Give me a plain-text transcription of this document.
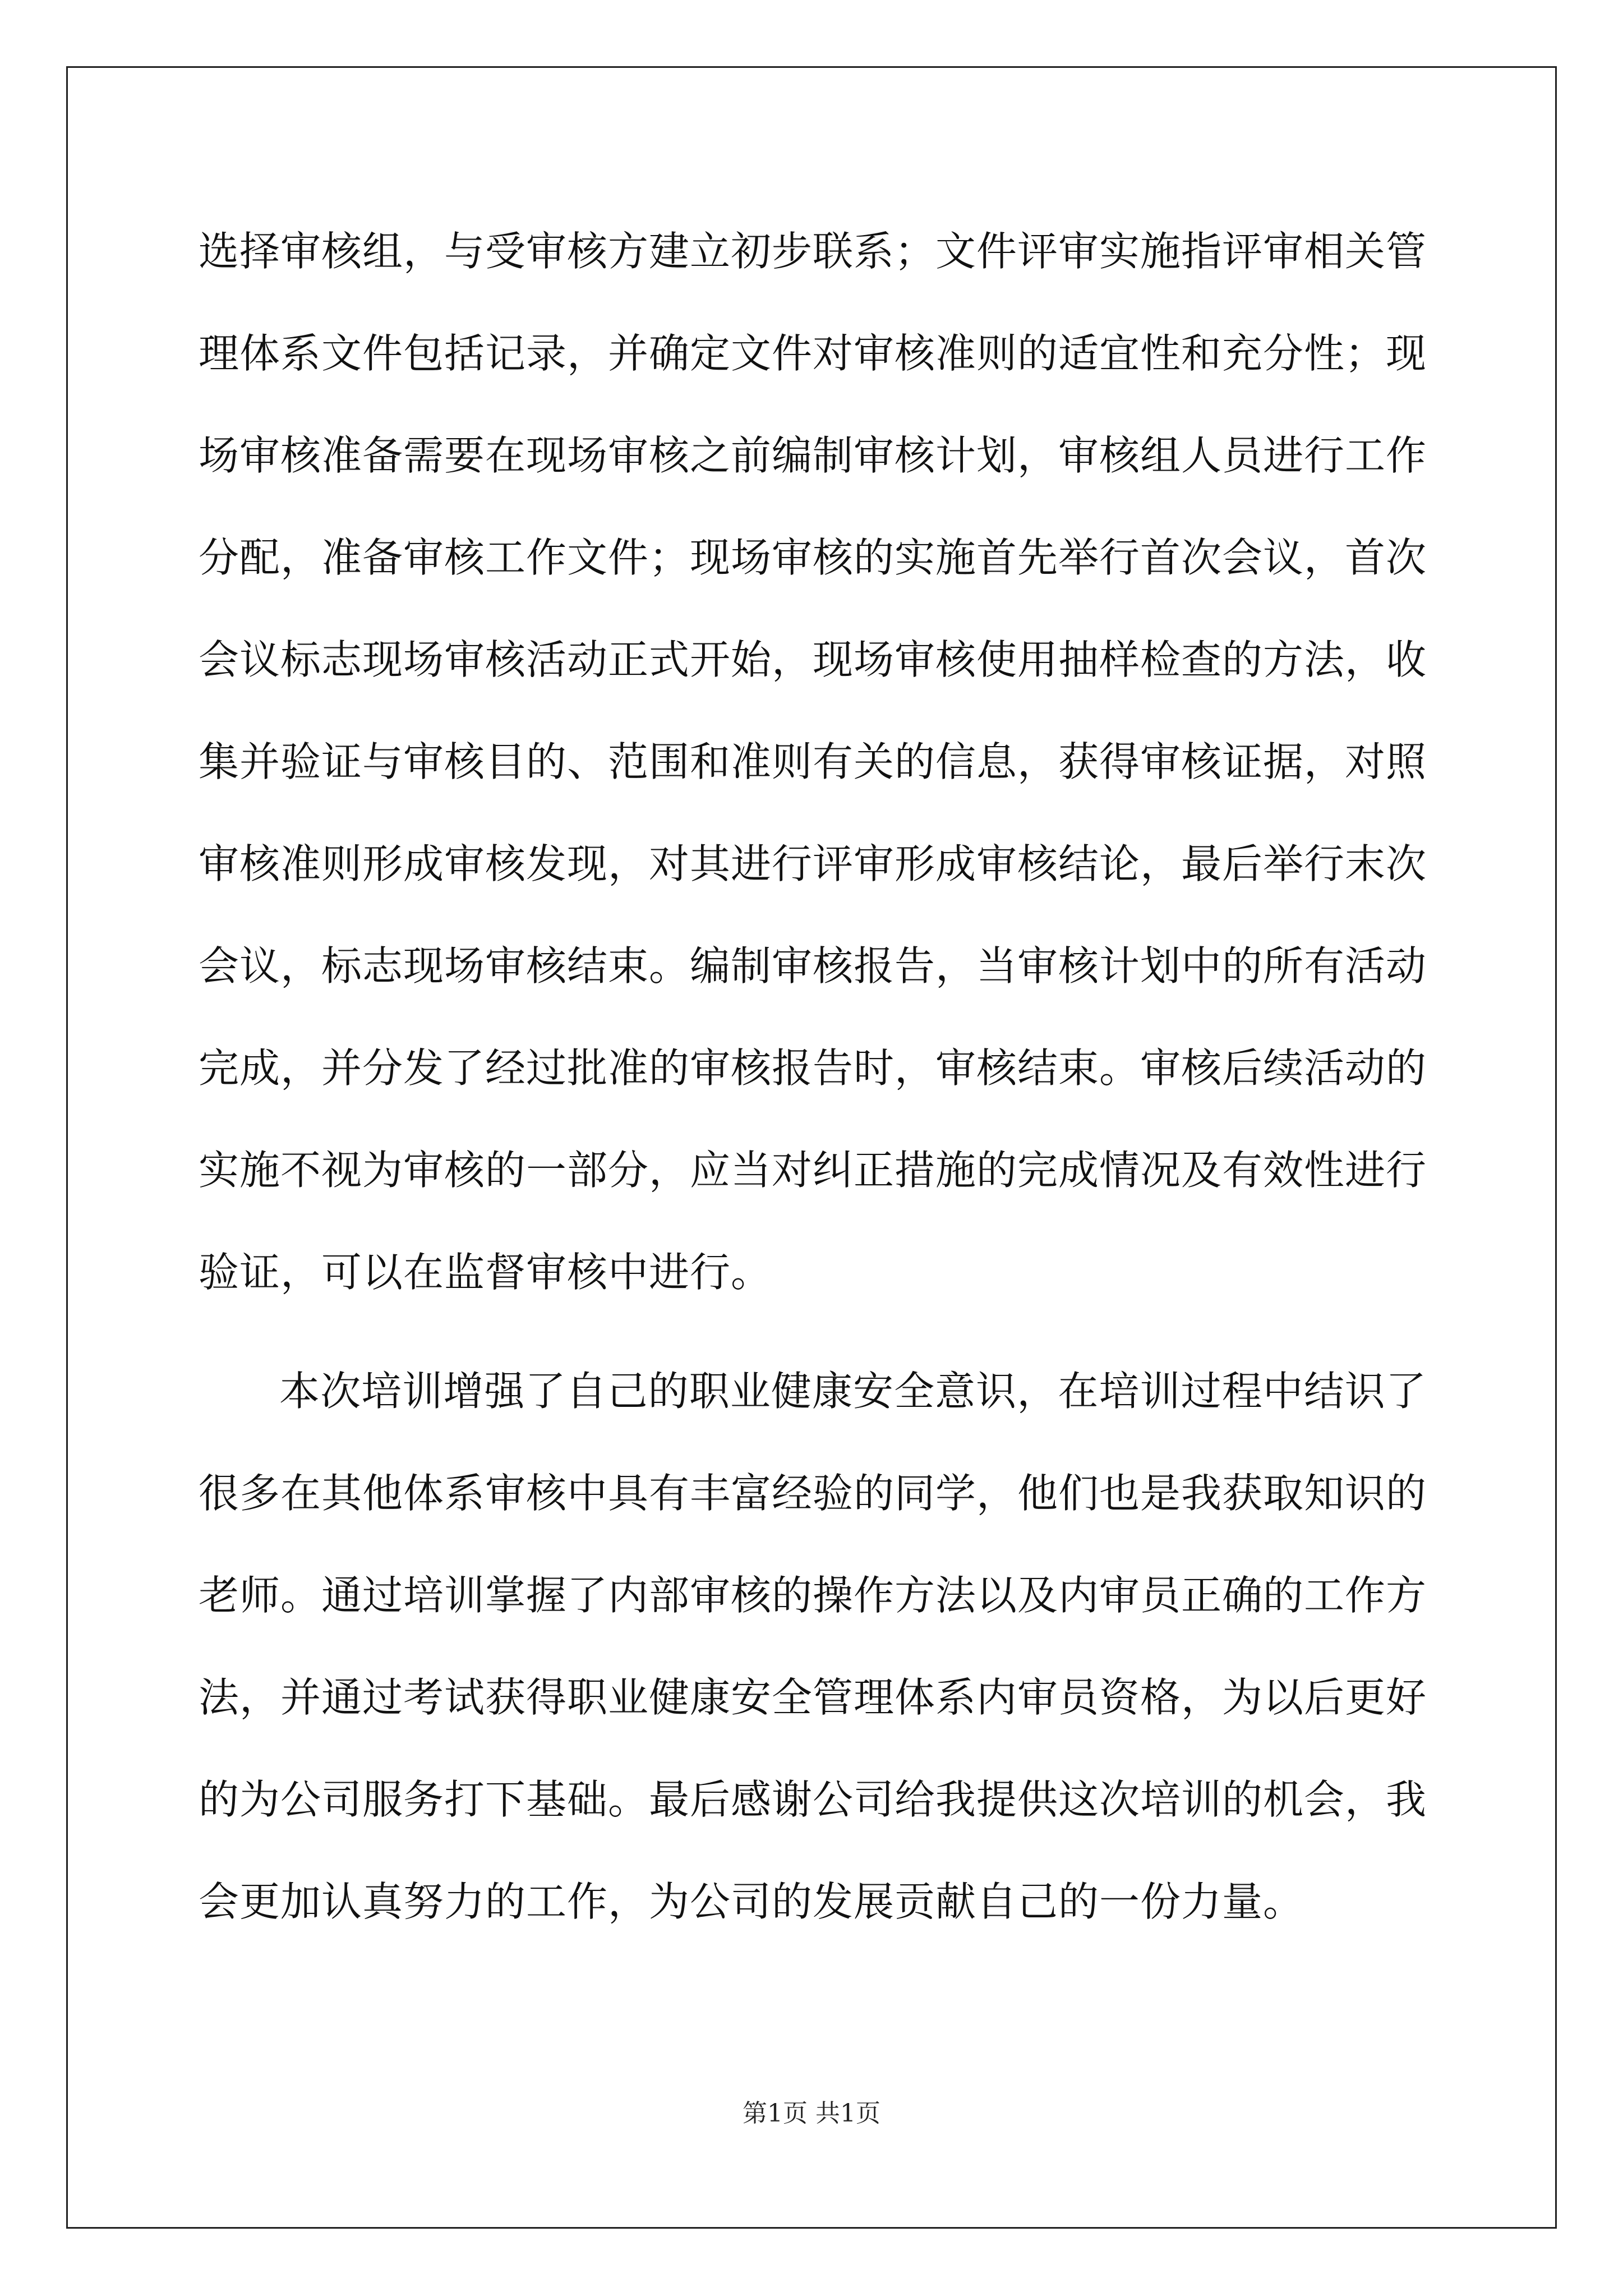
选择审核组，与受审核方建立初步联系；文件评审实施指评审相关管
理体系文件包括记录，并确定文件对审核准则的适宜性和充分性；现
场审核准备需要在现场审核之前编制审核计划，审核组人员进行工作
分配，准备审核工作文件；现场审核的实施首先举行首次会议，首次
会议标志现场审核活动正式开始，现场审核使用抽样检查的方法，收
集并验证与审核目的、范围和准则有关的信息，获得审核证据，对照
审核准则形成审核发现，对其进行评审形成审核结论，最后举行末次
会议，标志现场审核结束。编制审核报告，当审核计划中的所有活动
完成，并分发了经过批准的审核报告时，审核结束。审核后续活动的
实施不视为审核的一部分，应当对纠正措施的完成情况及有效性进行
验证，可以在监督审核中进行。
本次培训增强了自己的职业健康安全意识，在培训过程中结识了
很多在其他体系审核中具有丰富经验的同学，他们也是我获取知识的
老师。通过培训掌握了内部审核的操作方法以及内审员正确的工作方
法，并通过考试获得职业健康安全管理体系内审员资格，为以后更好
的为公司服务打下基础。最后感谢公司给我提供这次培训的机会，我
会更加认真努力的工作，为公司的发展贡献自己的一份力量。
第1页 共1页
